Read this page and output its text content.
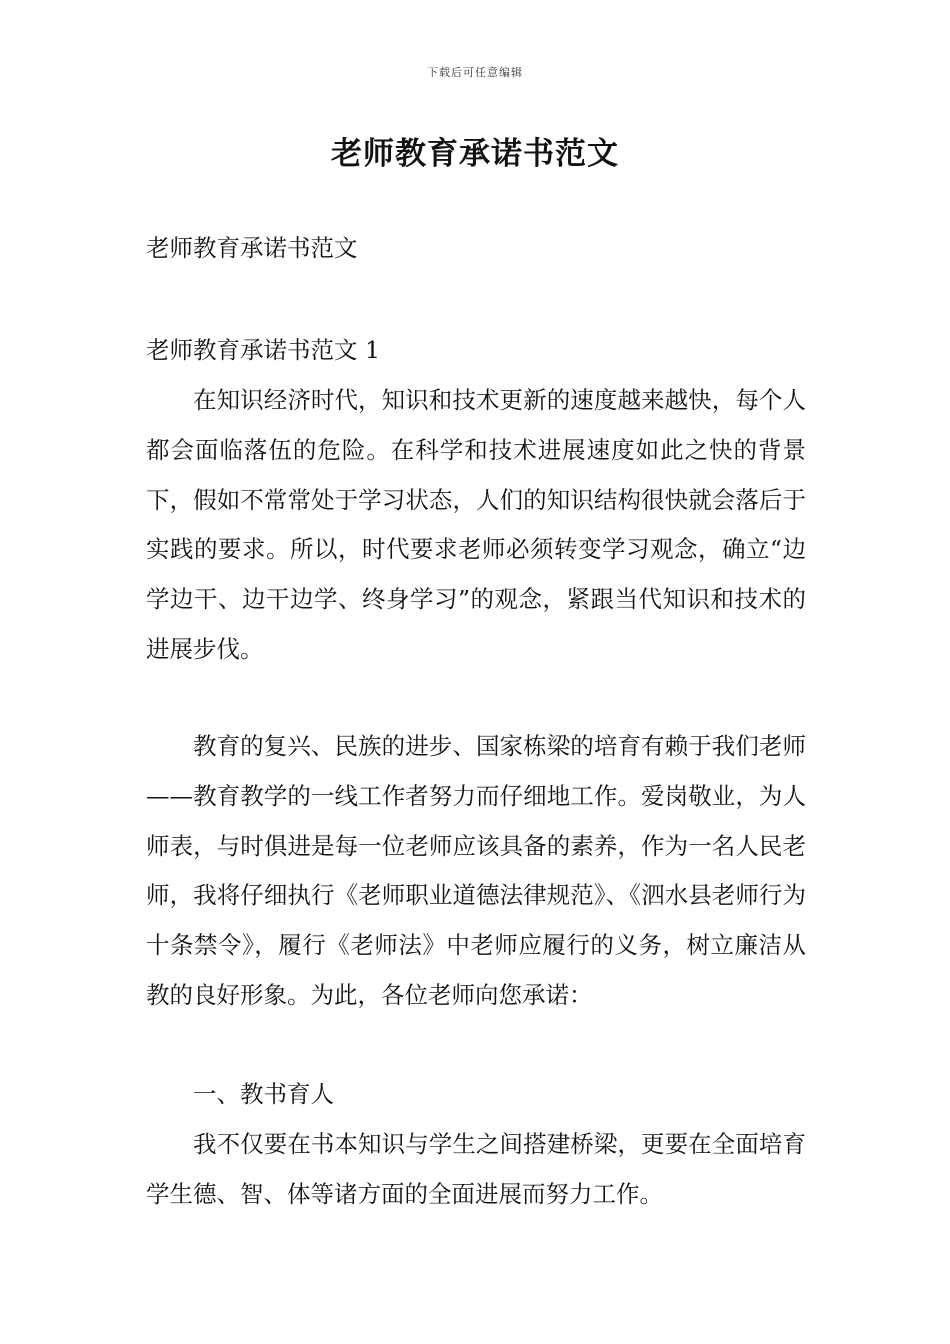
下载后可任意编辑
老师教育承诺书范文

老师教育承诺书范文

老师教育承诺书范文 1

在知识经济时代，知识和技术更新的速度越来越快，每个人都会面临落伍的危险。在科学和技术进展速度如此之快的背景下，假如不常常处于学习状态，人们的知识结构很快就会落后于实践的要求。所以，时代要求老师必须转变学习观念，确立“边学边干、边干边学、终身学习”的观念，紧跟当代知识和技术的进展步伐。

教育的复兴、民族的进步、国家栋梁的培育有赖于我们老师——教育教学的一线工作者努力而仔细地工作。爱岗敬业，为人师表，与时俱进是每一位老师应该具备的素养，作为一名人民老师，我将仔细执行《老师职业道德法律规范》、《泗水县老师行为十条禁令》，履行《老师法》中老师应履行的义务，树立廉洁从教的良好形象。为此，各位老师向您承诺：

一、教书育人

我不仅要在书本知识与学生之间搭建桥梁，更要在全面培育学生德、智、体等诸方面的全面进展而努力工作。
